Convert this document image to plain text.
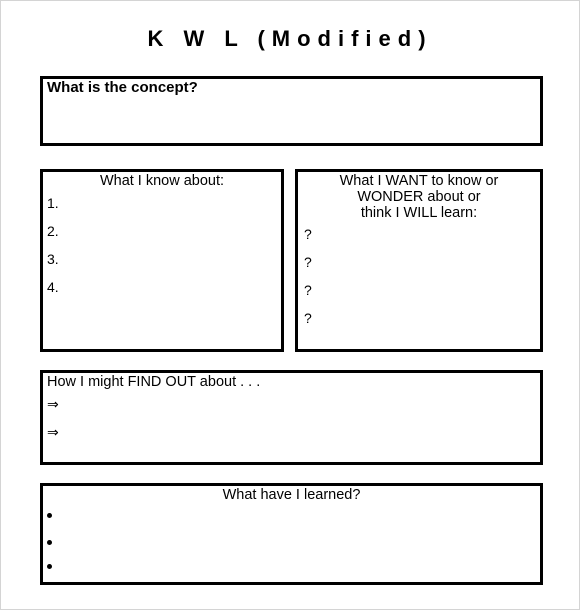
K W L (Modified)
What is the concept?
What I know about:
1.
2.
3.
4.
What I WANT to know or
WONDER about or
think I WILL learn:
?
?
?
?
How I might FIND OUT about . . .
⇒
⇒
What have I learned?
